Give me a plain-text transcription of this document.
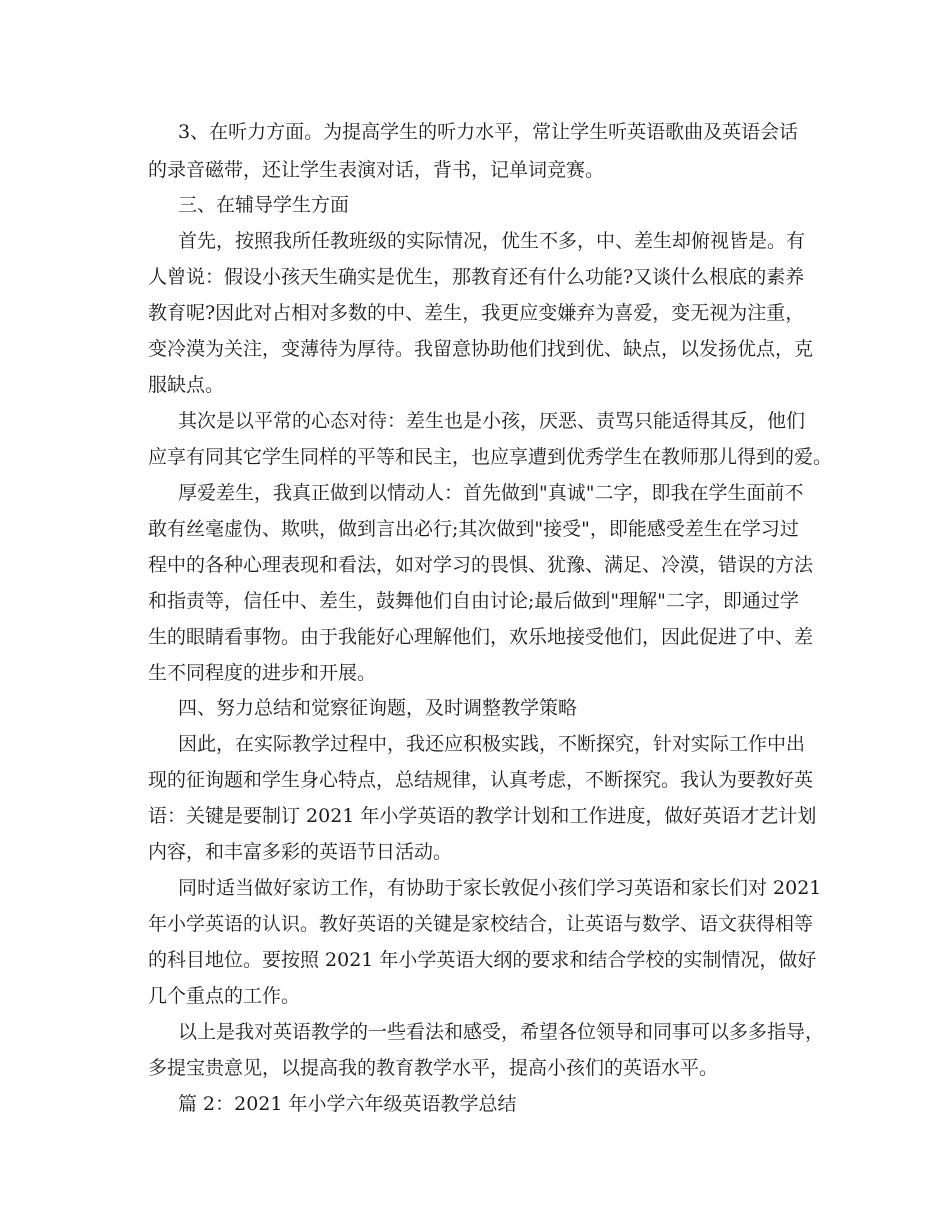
3、在听力方面。为提高学生的听力水平，常让学生听英语歌曲及英语会话
的录音磁带，还让学生表演对话，背书，记单词竞赛。
三、在辅导学生方面
首先，按照我所任教班级的实际情况，优生不多，中、差生却俯视皆是。有
人曾说：假设小孩天生确实是优生，那教育还有什么功能?又谈什么根底的素养
教育呢?因此对占相对多数的中、差生，我更应变嫌弃为喜爱，变无视为注重，
变冷漠为关注，变薄待为厚待。我留意协助他们找到优、缺点，以发扬优点，克
服缺点。
其次是以平常的心态对待：差生也是小孩，厌恶、责骂只能适得其反，他们
应享有同其它学生同样的平等和民主，也应享遭到优秀学生在教师那儿得到的爱。
厚爱差生，我真正做到以情动人：首先做到"真诚"二字，即我在学生面前不
敢有丝毫虚伪、欺哄，做到言出必行;其次做到"接受"，即能感受差生在学习过
程中的各种心理表现和看法，如对学习的畏惧、犹豫、满足、冷漠，错误的方法
和指责等，信任中、差生，鼓舞他们自由讨论;最后做到"理解"二字，即通过学
生的眼睛看事物。由于我能好心理解他们，欢乐地接受他们，因此促进了中、差
生不同程度的进步和开展。
四、努力总结和觉察征询题，及时调整教学策略
因此，在实际教学过程中，我还应积极实践，不断探究，针对实际工作中出
现的征询题和学生身心特点，总结规律，认真考虑，不断探究。我认为要教好英
语：关键是要制订 2021 年小学英语的教学计划和工作进度，做好英语才艺计划
内容，和丰富多彩的英语节日活动。
同时适当做好家访工作，有协助于家长敦促小孩们学习英语和家长们对 2021
年小学英语的认识。教好英语的关键是家校结合，让英语与数学、语文获得相等
的科目地位。要按照 2021 年小学英语大纲的要求和结合学校的实制情况，做好
几个重点的工作。
以上是我对英语教学的一些看法和感受，希望各位领导和同事可以多多指导，
多提宝贵意见，以提高我的教育教学水平，提高小孩们的英语水平。
篇 2：2021 年小学六年级英语教学总结
